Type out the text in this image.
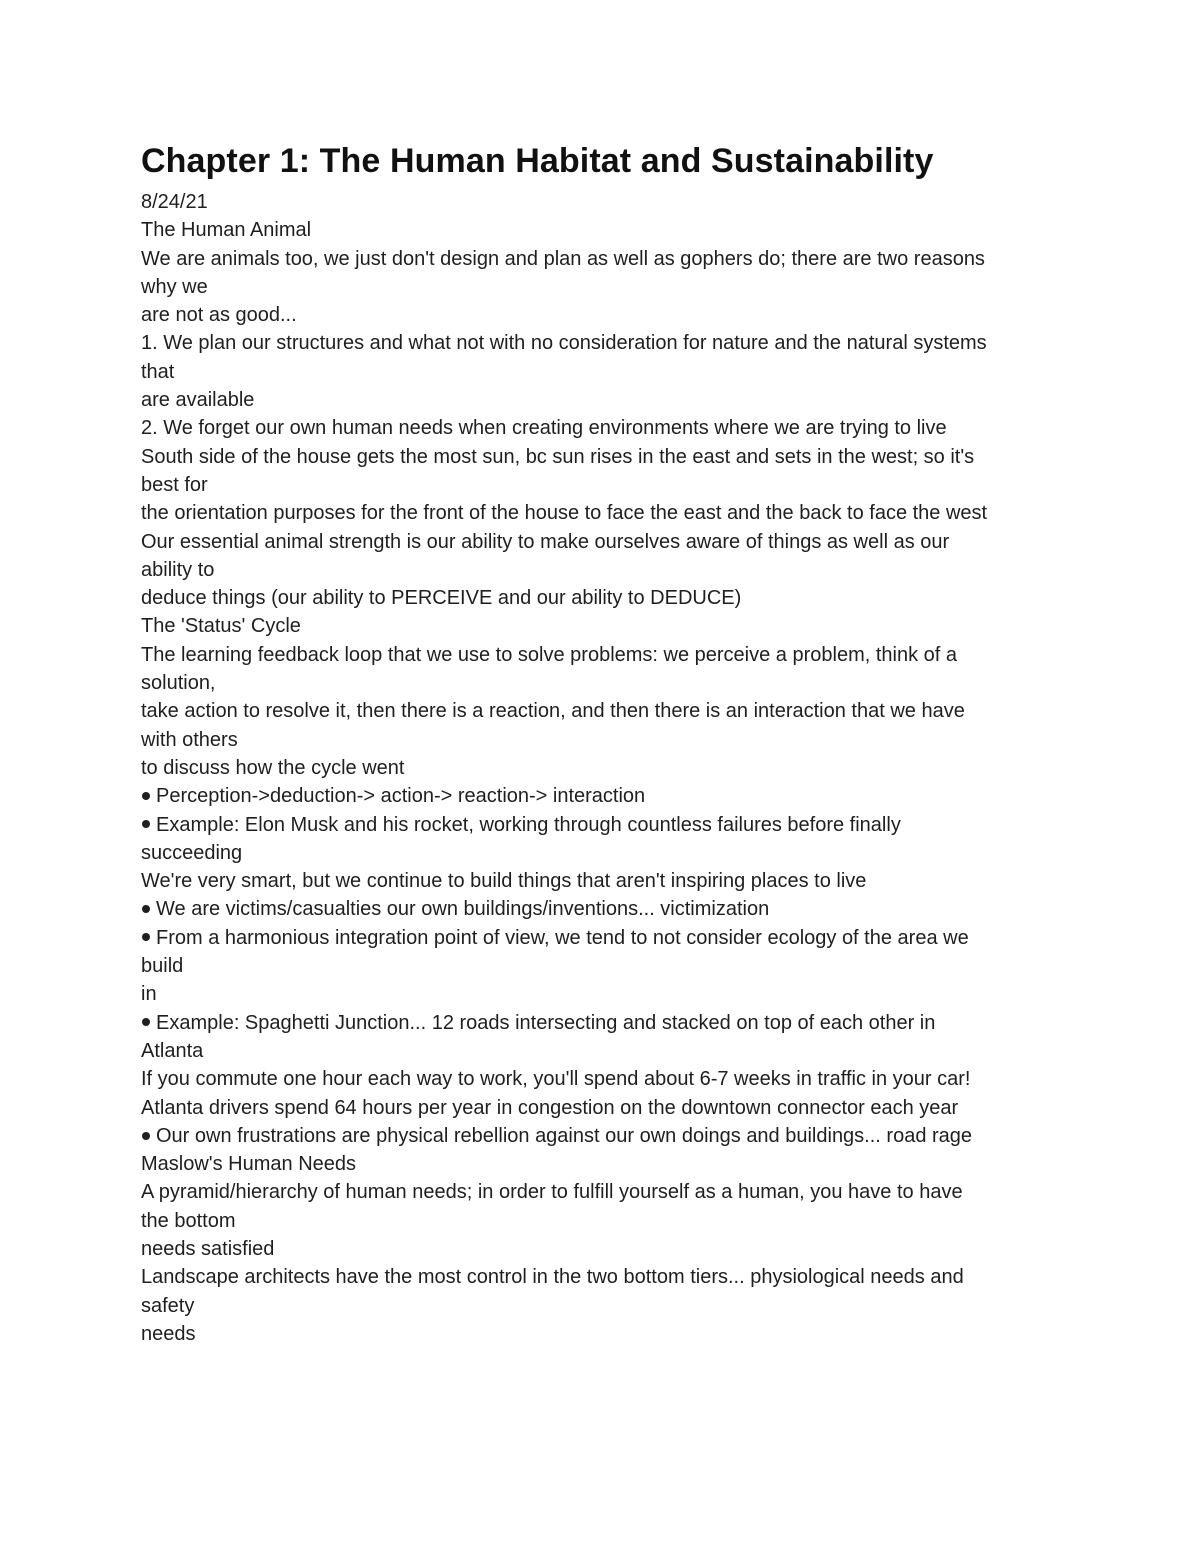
Chapter 1: The Human Habitat and Sustainability
8/24/21
The Human Animal
We are animals too, we just don't design and plan as well as gophers do; there are two reasons
why we
are not as good...
1. We plan our structures and what not with no consideration for nature and the natural systems
that
are available
2. We forget our own human needs when creating environments where we are trying to live
South side of the house gets the most sun, bc sun rises in the east and sets in the west; so it's
best for
the orientation purposes for the front of the house to face the east and the back to face the west
Our essential animal strength is our ability to make ourselves aware of things as well as our
ability to
deduce things (our ability to PERCEIVE and our ability to DEDUCE)
The 'Status' Cycle
The learning feedback loop that we use to solve problems: we perceive a problem, think of a
solution,
take action to resolve it, then there is a reaction, and then there is an interaction that we have
with others
to discuss how the cycle went
Perception->deduction-> action-> reaction-> interaction
Example: Elon Musk and his rocket, working through countless failures before finally
succeeding
We're very smart, but we continue to build things that aren't inspiring places to live
We are victims/casualties our own buildings/inventions... victimization
From a harmonious integration point of view, we tend to not consider ecology of the area we
build
in
Example: Spaghetti Junction... 12 roads intersecting and stacked on top of each other in
Atlanta
If you commute one hour each way to work, you'll spend about 6-7 weeks in traffic in your car!
Atlanta drivers spend 64 hours per year in congestion on the downtown connector each year
Our own frustrations are physical rebellion against our own doings and buildings... road rage
Maslow's Human Needs
A pyramid/hierarchy of human needs; in order to fulfill yourself as a human, you have to have
the bottom
needs satisfied
Landscape architects have the most control in the two bottom tiers... physiological needs and
safety
needs
